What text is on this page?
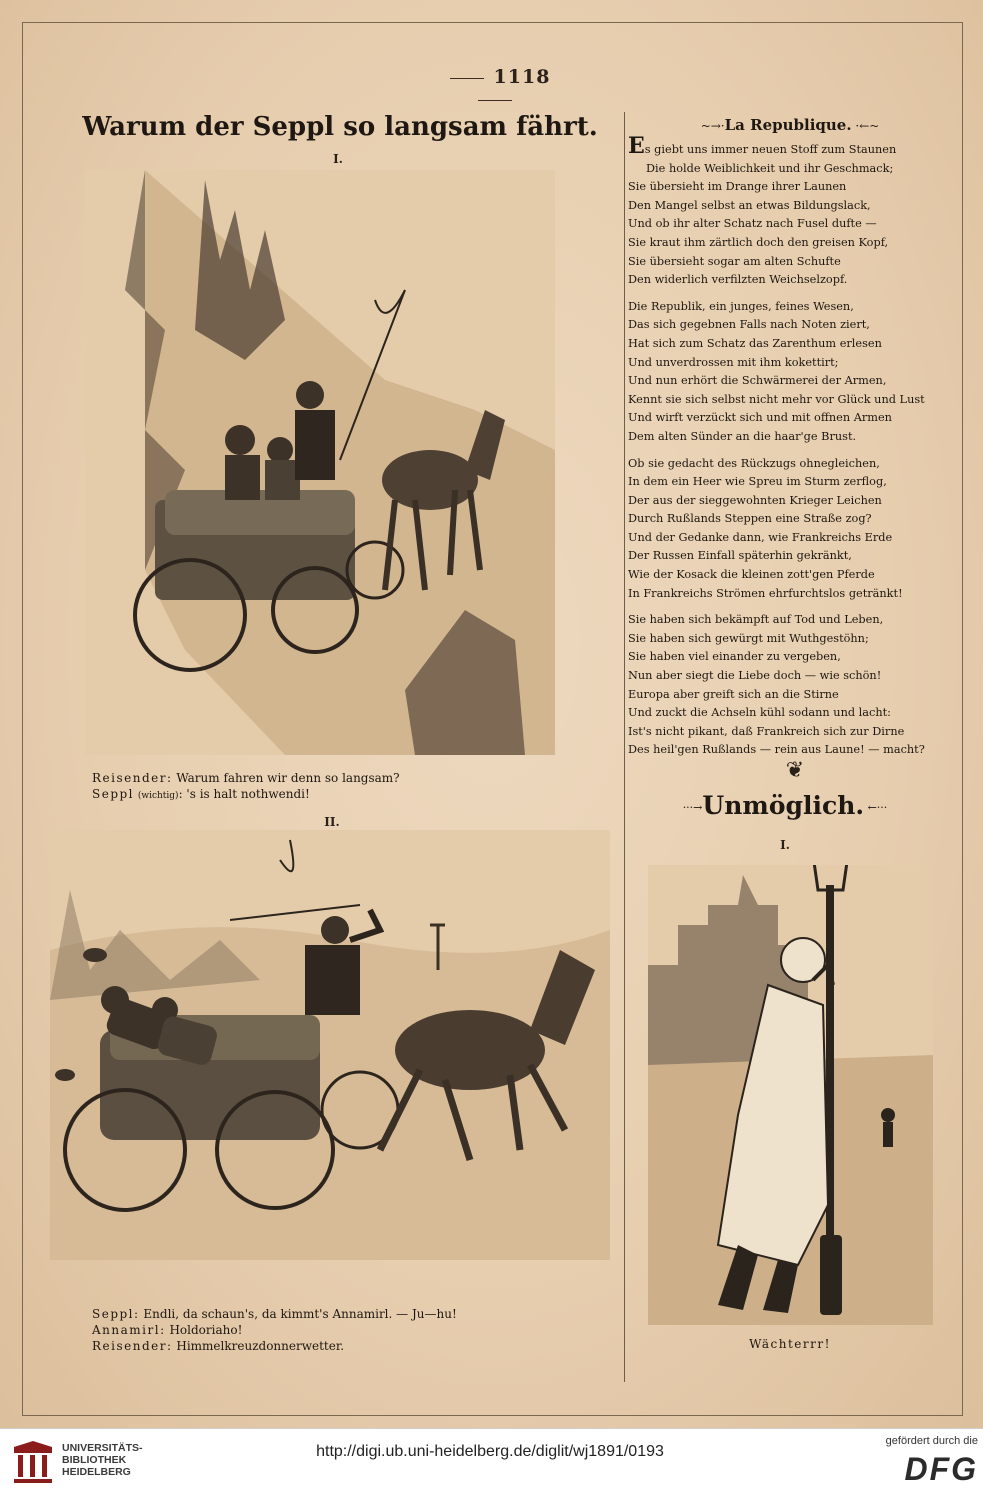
1118
Warum der Seppl so langsam fährt.
I.
Reisender: Warum fahren wir denn so langsam?
Seppl (wichtig): 's is halt nothwendi!
II.
Seppl: Endli, da schaun's, da kimmt's Annamirl. — Ju—hu!
Annamirl: Holdoriaho!
Reisender: Himmelkreuzdonnerwetter.
~→· La Republique. ·←~
Es giebt uns immer neuen Stoff zum Staunen
Die holde Weiblichkeit und ihr Geschmack;
Sie übersieht im Drange ihrer Launen
Den Mangel selbst an etwas Bildungslack,
Und ob ihr alter Schatz nach Fusel dufte —
Sie kraut ihm zärtlich doch den greisen Kopf,
Sie übersieht sogar am alten Schufte
Den widerlich verfilzten Weichselzopf.
Die Republik, ein junges, feines Wesen,
Das sich gegebnen Falls nach Noten ziert,
Hat sich zum Schatz das Zarenthum erlesen
Und unverdrossen mit ihm kokettirt;
Und nun erhört die Schwärmerei der Armen,
Kennt sie sich selbst nicht mehr vor Glück und Lust
Und wirft verzückt sich und mit offnen Armen
Dem alten Sünder an die haar'ge Brust.
Ob sie gedacht des Rückzugs ohnegleichen,
In dem ein Heer wie Spreu im Sturm zerflog,
Der aus der sieggewohnten Krieger Leichen
Durch Rußlands Steppen eine Straße zog?
Und der Gedanke dann, wie Frankreichs Erde
Der Russen Einfall späterhin gekränkt,
Wie der Kosack die kleinen zott'gen Pferde
In Frankreichs Strömen ehrfurchtslos getränkt!
Sie haben sich bekämpft auf Tod und Leben,
Sie haben sich gewürgt mit Wuthgestöhn;
Sie haben viel einander zu vergeben,
Nun aber siegt die Liebe doch — wie schön!
Europa aber greift sich an die Stirne
Und zuckt die Achseln kühl sodann und lacht:
Ist's nicht pikant, daß Frankreich sich zur Dirne
Des heil'gen Rußlands — rein aus Laune! — macht?
❦
···→ Unmöglich. ←···
I.
Wächterrr!
UNIVERSITÄTS-
BIBLIOTHEK
HEIDELBERG
http://digi.ub.uni-heidelberg.de/diglit/wj1891/0193
gefördert durch die
DFG
